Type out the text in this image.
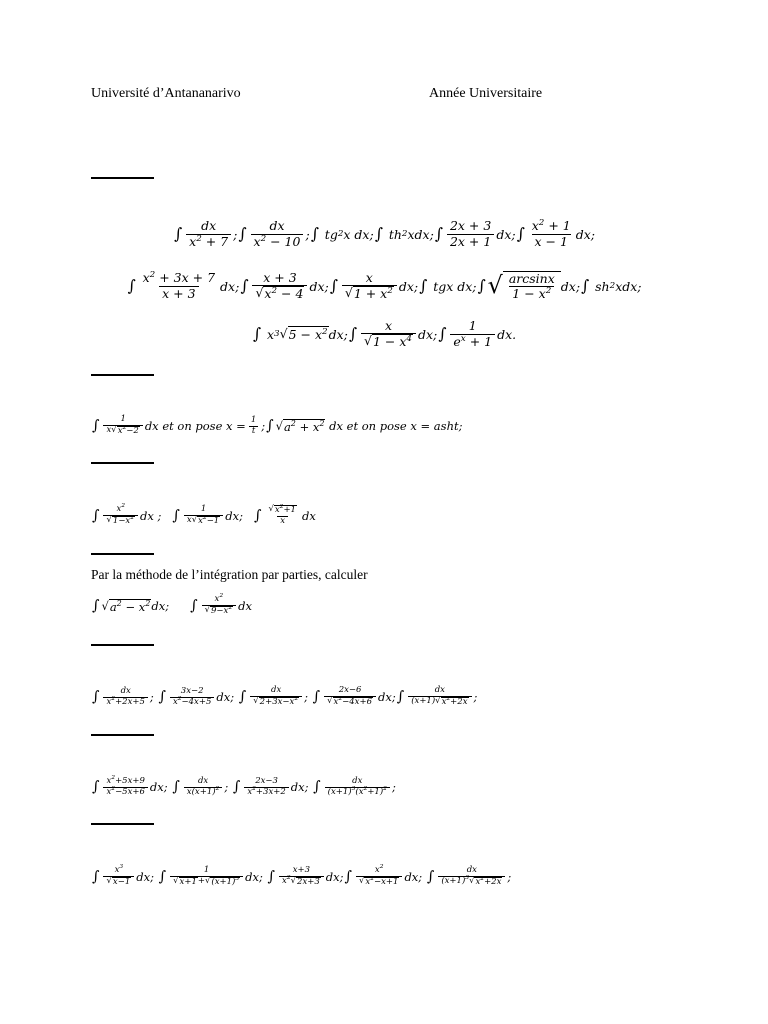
Université d’Antananarivo	Année Universitaire
∫ $\frac{dx}{x^2 + 7}$ ; ∫ $\frac{dx}{x^2 - 10}$ ; ∫ tg 2 x dx; ∫ th 2 xdx; ∫ $\frac{2x + 3}{2x + 1}$ dx; ∫ $\frac{x^2 + 1}{x - 1}$ dx;
∫ $\frac{x^2 + 3x + 7}{x + 3}$ dx; ∫ $\frac{x + 3}{√ x^2 - 4}$ dx; ∫ $\frac{x}{√ 1 + x^2}$ dx; ∫ tgx dx; ∫ √ $\frac{\arcsin x}{1 - x^2}$ dx; ∫ sh 2 xdx;
∫ x 3 √ $5 - x^2$ dx; ∫ $\frac{x}{√ 1 - x^4}$ dx; ∫ $\frac{1}{e^x + 1}$ dx.
∫ $\frac{1}{x √ x^2-2}$ dx et on pose $x = \frac{1}{t}$ ; ∫ √ $a^2 + x^2$ dx et on pose x = asht;
∫ $\frac{x^2}{√ 1-x^2}$ dx ; ∫ $\frac{1}{x √ x^2-1}$ dx; ∫ $\frac{√ x^2+1}{x}$ dx
Par la méthode de l’intégration par parties, calculer
∫ √ $a^2 - x^2$ dx; ∫ $\frac{x^2}{√ 9-x^2}$ dx
∫ $\frac{dx}{x^2+2x+5}$ ; ∫ $\frac{3x-2}{x^2-4x+5}$ dx; ∫ $\frac{dx}{√ 2+3x-x^2}$ ; ∫ $\frac{2x-6}{√ x^2-4x+6}$ dx; ∫ $\frac{dx}{(x+1) √ x^2+2x}$ ;
∫ $\frac{x^2+5x+9}{x^2-5x+6}$ dx; ∫ $\frac{dx}{x(x+1)^2}$ ; ∫ $\frac{2x-3}{x^2+3x+2}$ dx; ∫ $\frac{dx}{(x+1)^3(x^2+1)^2}$ ;
∫ $\frac{x^3}{√ x-1}$ dx; ∫ $\frac{1}{√ x+1 + √ (x+1)^3}$ dx; ∫ $\frac{x+3}{x^2 √ 2x+3}$ dx; ∫ $\frac{x^2}{√ x^2-x+1}$ dx; ∫ $\frac{dx}{(x+1)^3 √ x^2+2x}$ ;
